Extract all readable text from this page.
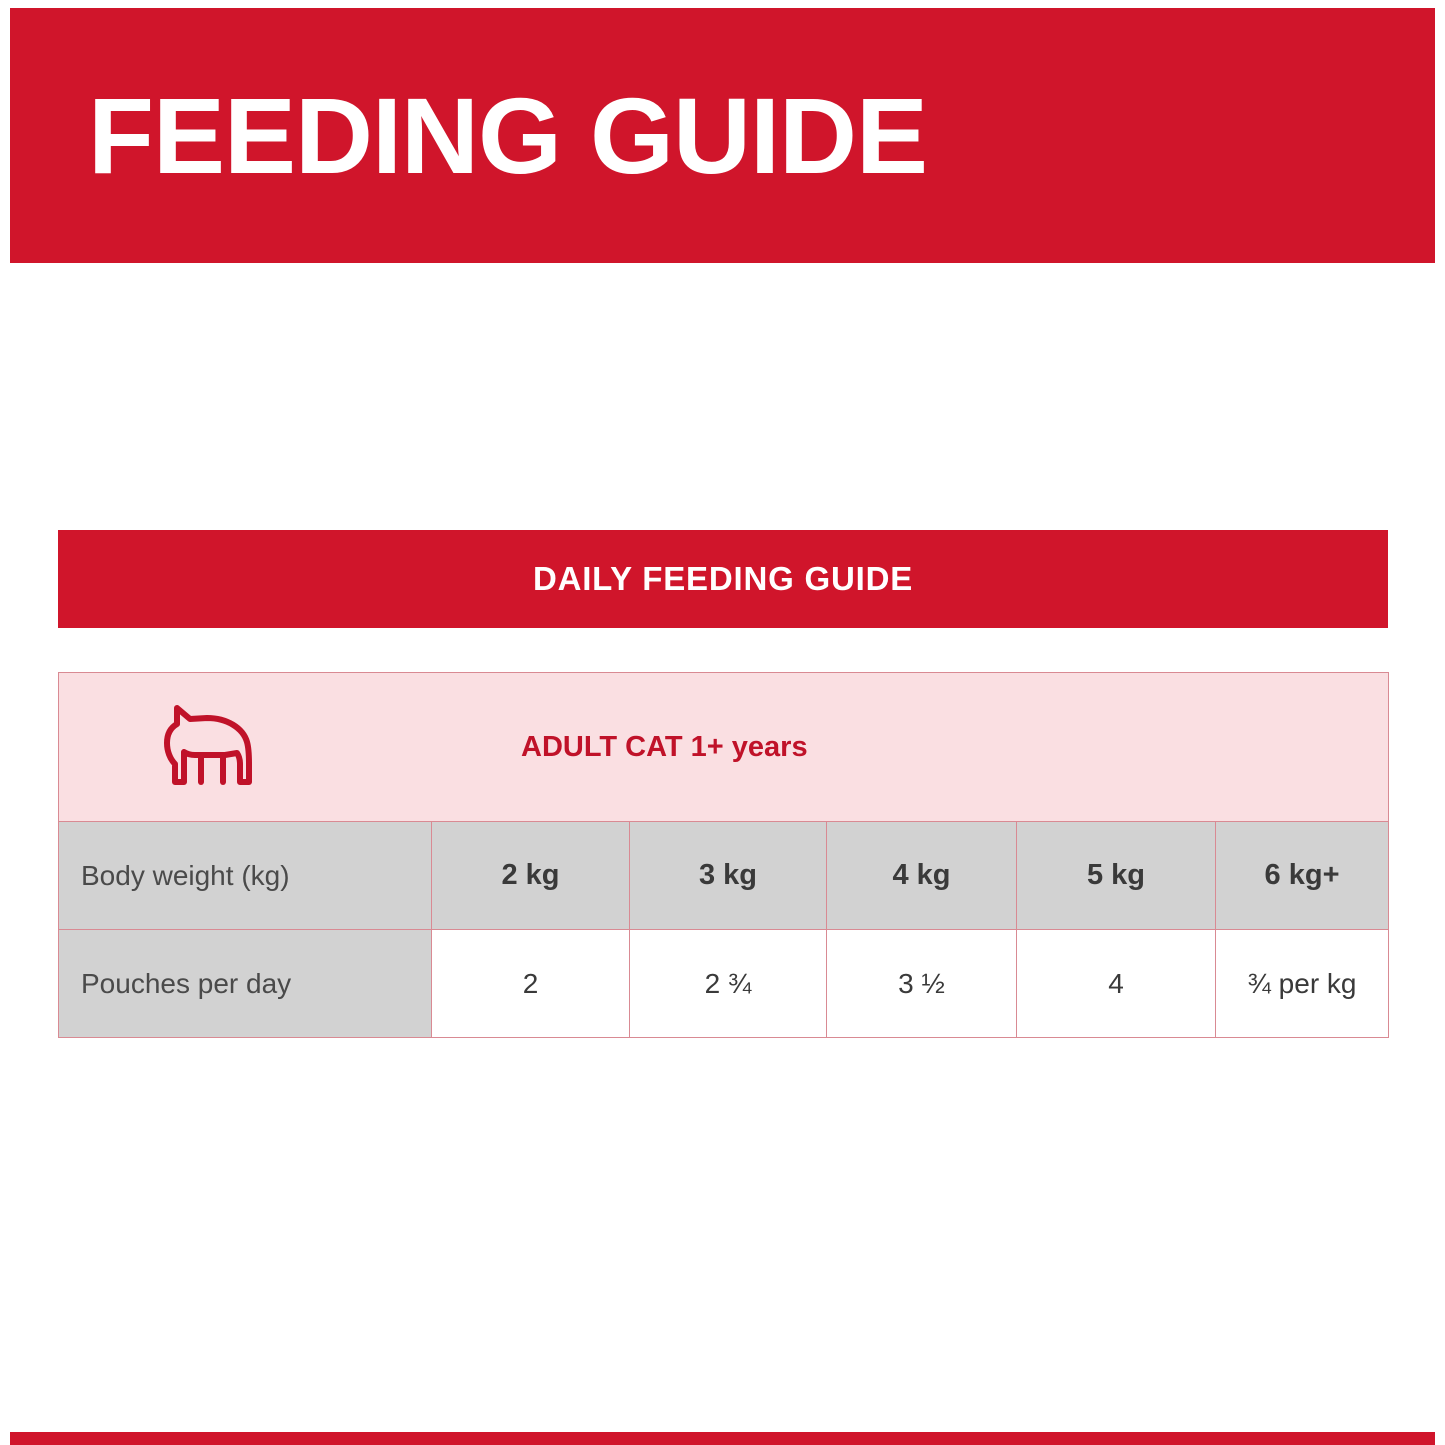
FEEDING GUIDE
DAILY FEEDING GUIDE
ADULT CAT 1+ years					

Body weight (kg)	2 kg	3 kg	4 kg	5 kg	6 kg+
Pouches per day	2	2 ¾	3 ½	4	¾ per kg
